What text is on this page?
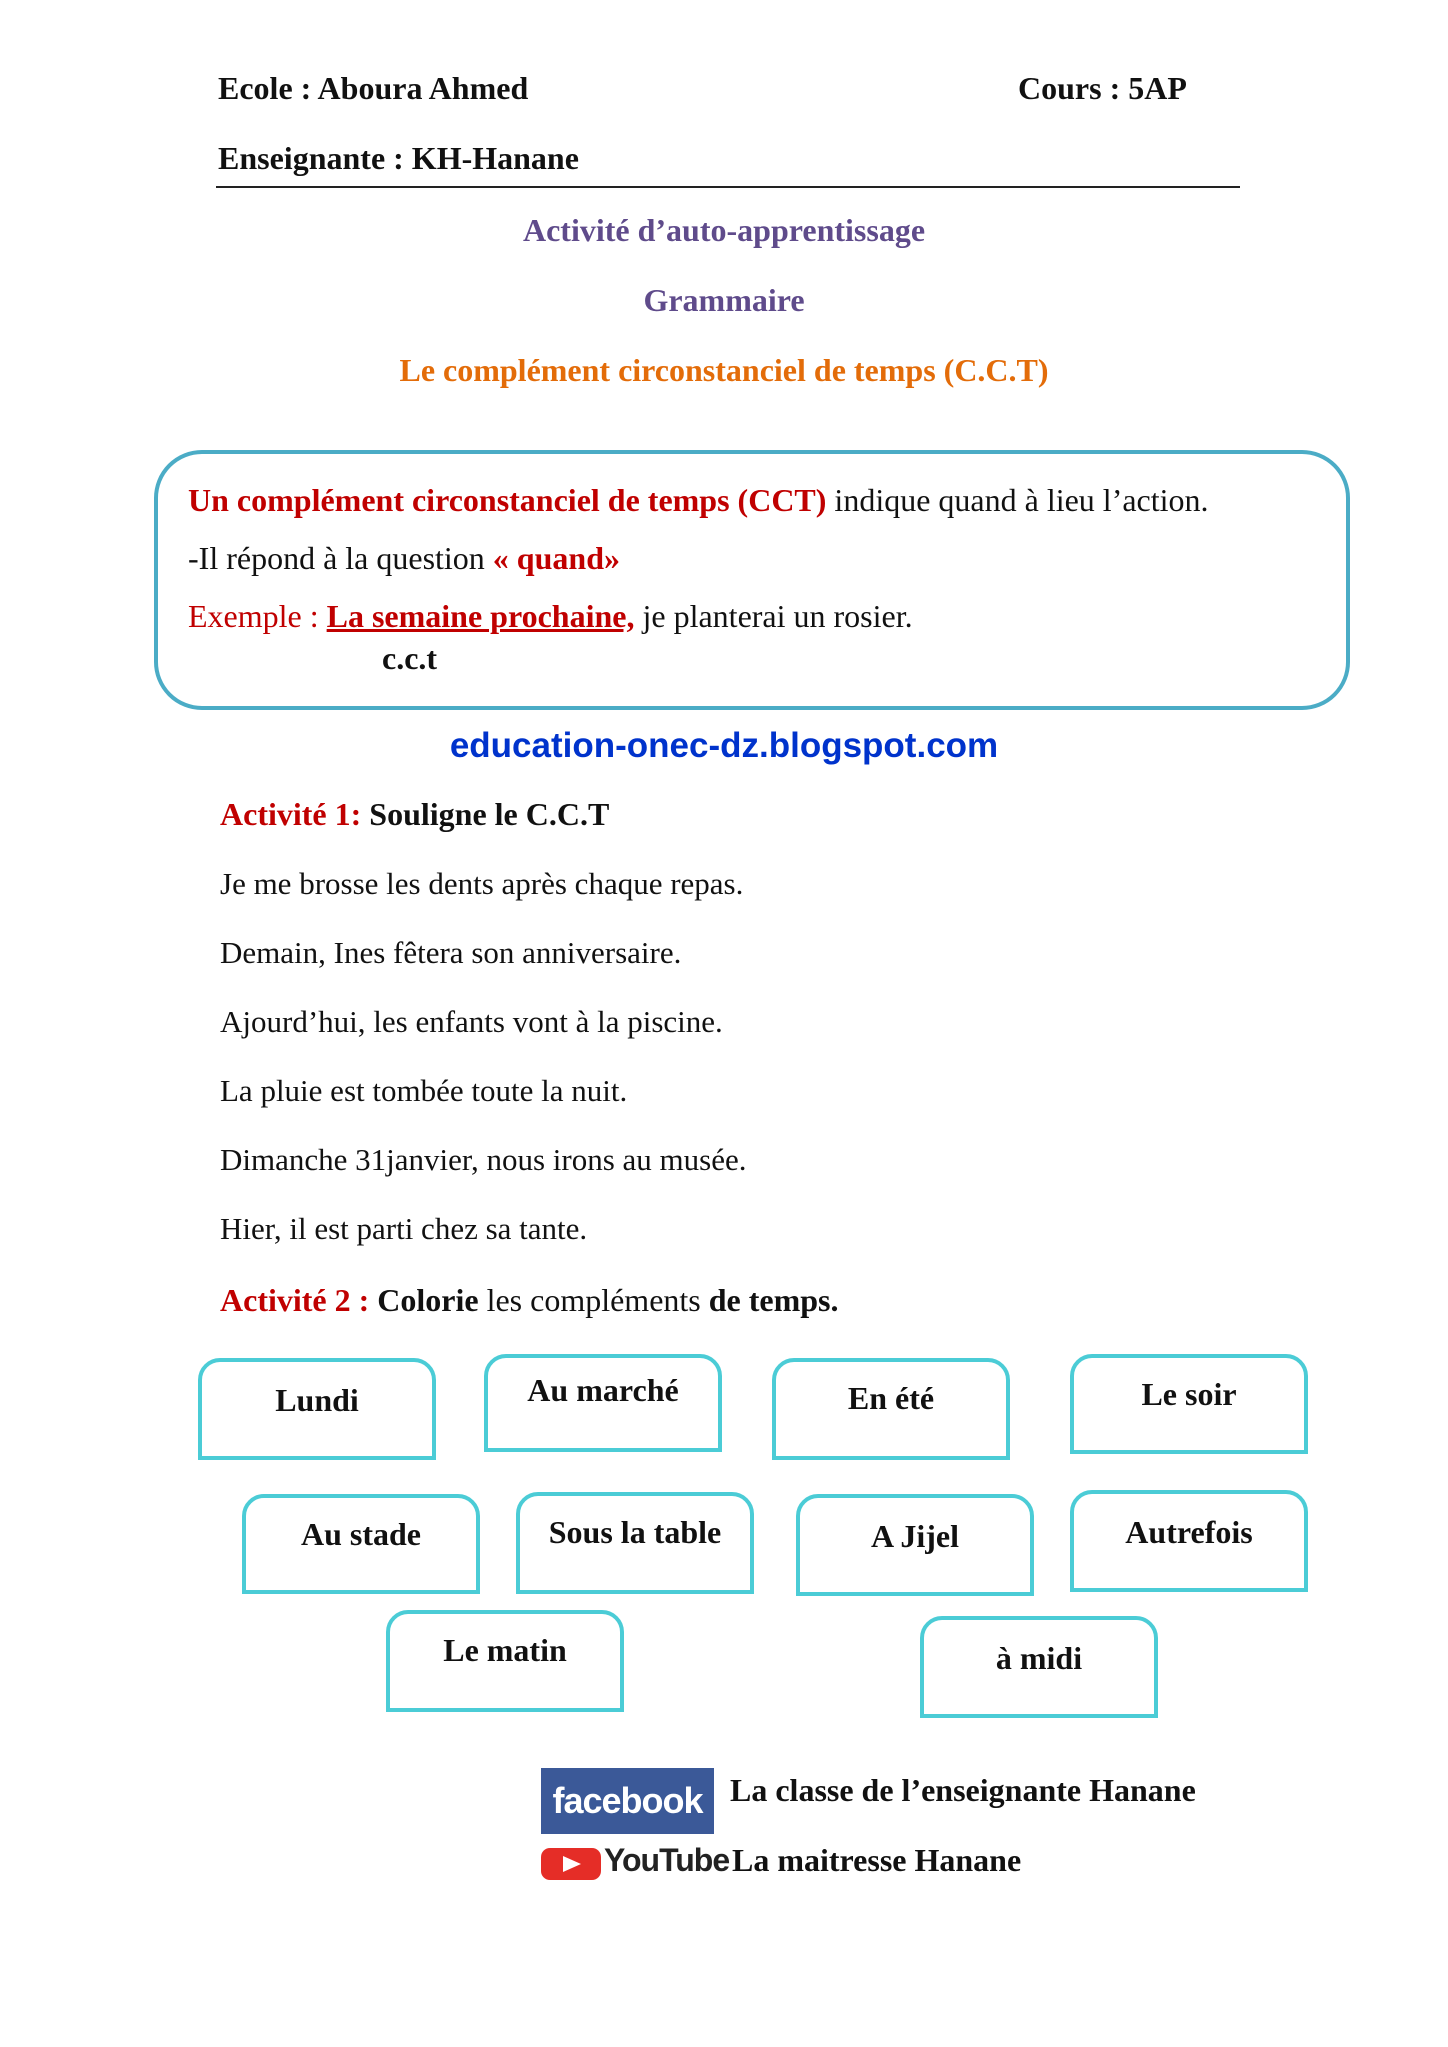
Ecole : Aboura Ahmed	Cours : 5AP
Enseignante : KH-Hanane
Activité d’auto-apprentissage
Grammaire
Le complément circonstanciel de temps (C.C.T)
Un complément circonstanciel de temps (CCT) indique quand à lieu l’action.
-Il répond à la question « quand»
Exemple : La semaine prochaine, je planterai un rosier.
c.c.t
education-onec-dz.blogspot.com
Activité 1: Souligne le C.C.T
Je me brosse les dents après chaque repas.
Demain, Ines fêtera son anniversaire.
Ajourd’hui, les enfants vont à la piscine.
La pluie est tombée toute la nuit.
Dimanche 31janvier, nous irons au musée.
Hier, il est parti chez sa tante.
Activité 2 : Colorie les compléments de temps.
Lundi	Au marché	En été	Le soir
Au stade	Sous la table	A Jijel	Autrefois
Le matin	à midi
facebook La classe de l’enseignante Hanane
YouTube La maitresse Hanane
